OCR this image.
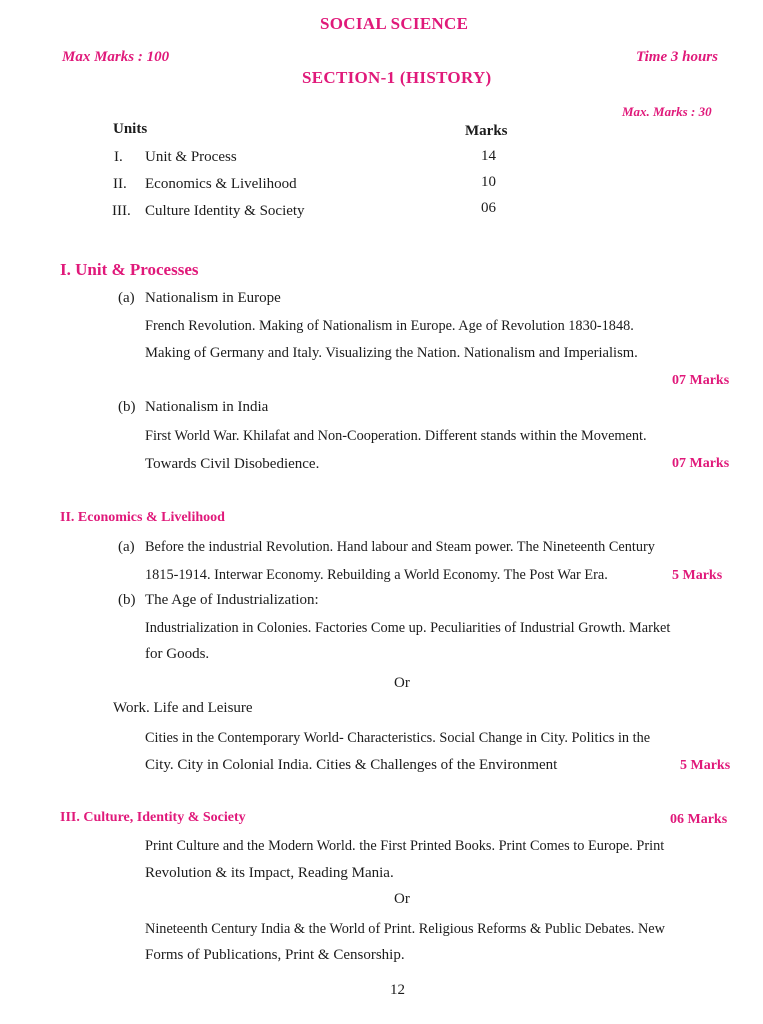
SOCIAL SCIENCE
Max Marks : 100	Time 3 hours
SECTION-1 (HISTORY)
Max. Marks : 30
Units	Marks
I. Unit & Process	14
II. Economics & Livelihood	10
III. Culture Identity & Society	06
I. Unit & Processes
(a) Nationalism in Europe
French Revolution. Making of Nationalism in Europe. Age of Revolution 1830-1848.
Making of Germany and Italy. Visualizing the Nation. Nationalism and Imperialism.
07 Marks
(b) Nationalism in India
First World War. Khilafat and Non-Cooperation. Different stands within the Movement.
Towards Civil Disobedience.	07 Marks
II. Economics & Livelihood
(a) Before the industrial Revolution. Hand labour and Steam power. The Nineteenth Century
1815-1914. Interwar Economy. Rebuilding a World Economy. The Post War Era.	5 Marks
(b) The Age of Industrialization:
Industrialization in Colonies. Factories Come up. Peculiarities of Industrial Growth. Market
for Goods.
Or
Work. Life and Leisure
Cities in the Contemporary World- Characteristics. Social Change in City. Politics in the
City. City in Colonial India. Cities & Challenges of the Environment	5 Marks
III. Culture, Identity & Society	06 Marks
Print Culture and the Modern World. the First Printed Books. Print Comes to Europe. Print
Revolution & its Impact, Reading Mania.
Or
Nineteenth Century India & the World of Print. Religious Reforms & Public Debates. New
Forms of Publications, Print & Censorship.
12
